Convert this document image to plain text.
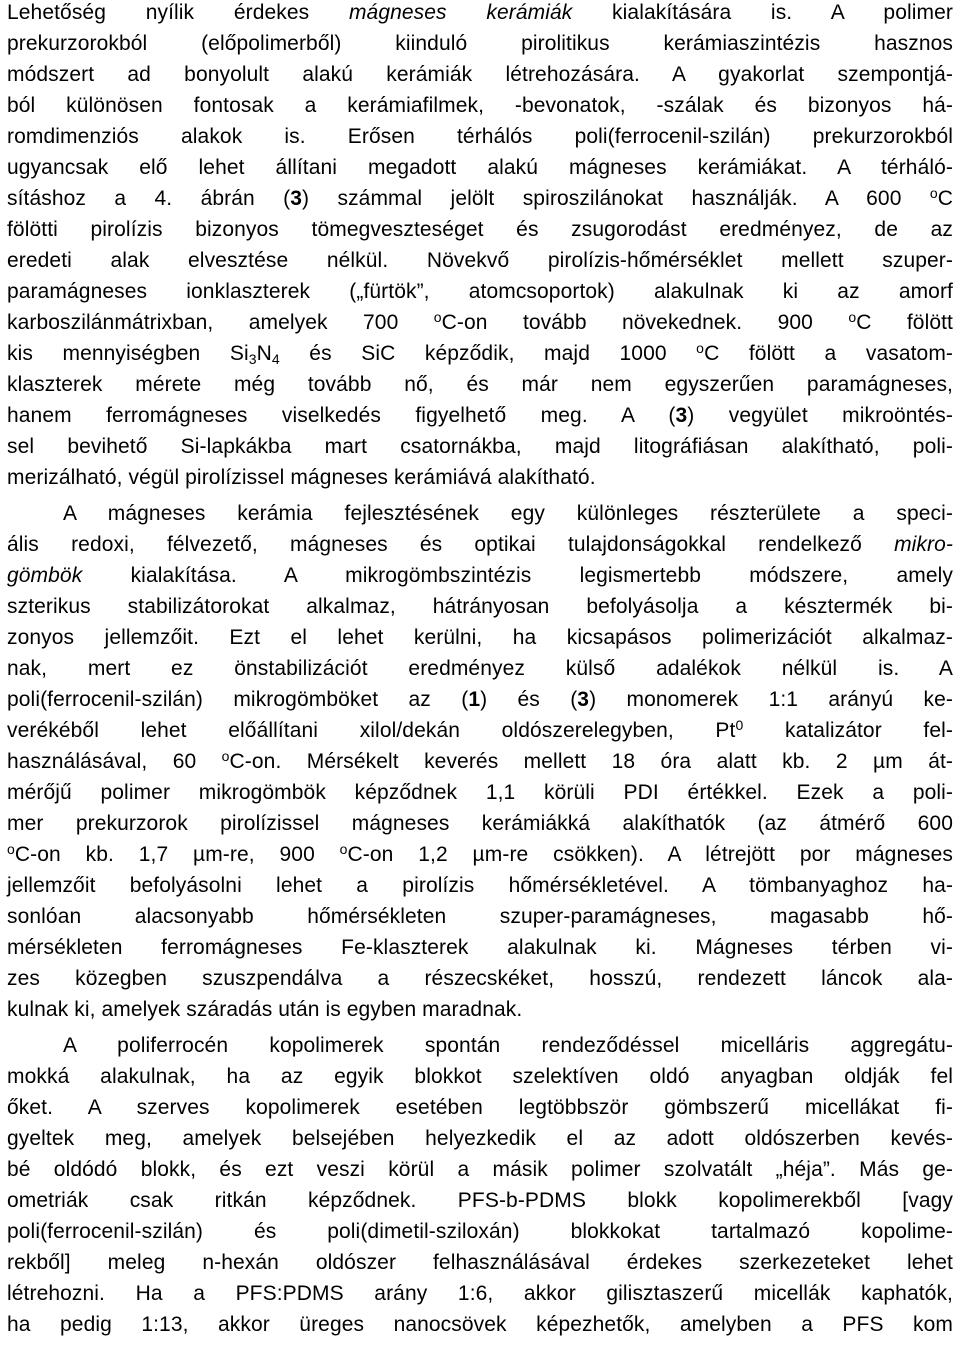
Lehetőség nyílik érdekes mágneses kerámiák kialakítására is. A polimer
prekurzorokból (előpolimerből) kiinduló pirolitikus kerámiaszintézis hasznos
módszert ad bonyolult alakú kerámiák létrehozására. A gyakorlat szempontjá-
ból különösen fontosak a kerámiafilmek, -bevonatok, -szálak és bizonyos há-
romdimenziós alakok is. Erősen térhálós poli(ferrocenil-szilán) prekurzorokból
ugyancsak elő lehet állítani megadott alakú mágneses kerámiákat. A térháló-
sításhoz a 4. ábrán (3) számmal jelölt spiroszilánokat használják. A 600 $^o$C
fölötti pirolízis bizonyos tömegveszteséget és zsugorodást eredményez, de az
eredeti alak elvesztése nélkül. Növekvő pirolízis-hőmérséklet mellett szuper-
paramágneses ionklaszterek („fürtök”, atomcsoportok) alakulnak ki az amorf
karboszilánmátrixban, amelyek 700 $^o$C-on tovább növekednek. 900 $^o$C fölött
kis mennyiségben $Si_3N_4$ és SiC képződik, majd 1000 $^o$C fölött a vasatom-
klaszterek mérete még tovább nő, és már nem egyszerűen paramágneses,
hanem ferromágneses viselkedés figyelhető meg. A (3) vegyület mikroöntés-
sel bevihető Si-lapkákba mart csatornákba, majd litográfiásan alakítható, poli-
merizálható, végül pirolízissel mágneses kerámiává alakítható.
A mágneses kerámia fejlesztésének egy különleges részterülete a speci-
ális redoxi, félvezető, mágneses és optikai tulajdonságokkal rendelkező mikro-
gömbök kialakítása. A mikrogömbszintézis legismertebb módszere, amely
szterikus stabilizátorokat alkalmaz, hátrányosan befolyásolja a késztermék bi-
zonyos jellemzőit. Ezt el lehet kerülni, ha kicsapásos polimerizációt alkalmaz-
nak, mert ez önstabilizációt eredményez külső adalékok nélkül is. A
poli(ferrocenil-szilán) mikrogömböket az (1) és (3) monomerek 1:1 arányú ke-
verékéből lehet előállítani xilol/dekán oldószerelegyben, Pt$^0$ katalizátor fel-
használásával, 60 $^o$C-on. Mérsékelt keverés mellett 18 óra alatt kb. 2 µm át-
mérőjű polimer mikrogömbök képződnek 1,1 körüli PDI értékkel. Ezek a poli-
mer prekurzorok pirolízissel mágneses kerámiákká alakíthatók (az átmérő 600
$^o$C-on kb. 1,7 µm-re, 900 $^o$C-on 1,2 µm-re csökken). A létrejött por mágneses
jellemzőit befolyásolni lehet a pirolízis hőmérsékletével. A tömbanyaghoz ha-
sonlóan alacsonyabb hőmérsékleten szuper-paramágneses, magasabb hő-
mérsékleten ferromágneses Fe-klaszterek alakulnak ki. Mágneses térben vi-
zes közegben szuszpendálva a részecskéket, hosszú, rendezett láncok ala-
kulnak ki, amelyek száradás után is egyben maradnak.
A poliferrocén kopolimerek spontán rendeződéssel micelláris aggregátu-
mokká alakulnak, ha az egyik blokkot szelektíven oldó anyagban oldják fel
őket. A szerves kopolimerek esetében legtöbbször gömbszerű micellákat fi-
gyeltek meg, amelyek belsejében helyezkedik el az adott oldószerben kevés-
bé oldódó blokk, és ezt veszi körül a másik polimer szolvatált „héja”. Más ge-
ometriák csak ritkán képződnek. PFS-b-PDMS blokk kopolimerekből [vagy
poli(ferrocenil-szilán) és poli(dimetil-sziloxán) blokkokat tartalmazó kopolime-
rekből] meleg n-hexán oldószer felhasználásával érdekes szerkezeteket lehet
létrehozni. Ha a PFS:PDMS arány 1:6, akkor gilisztaszerű micellák kaphatók,
ha pedig 1:13, akkor üreges nanocsövek képezhetők, amelyben a PFS kom
